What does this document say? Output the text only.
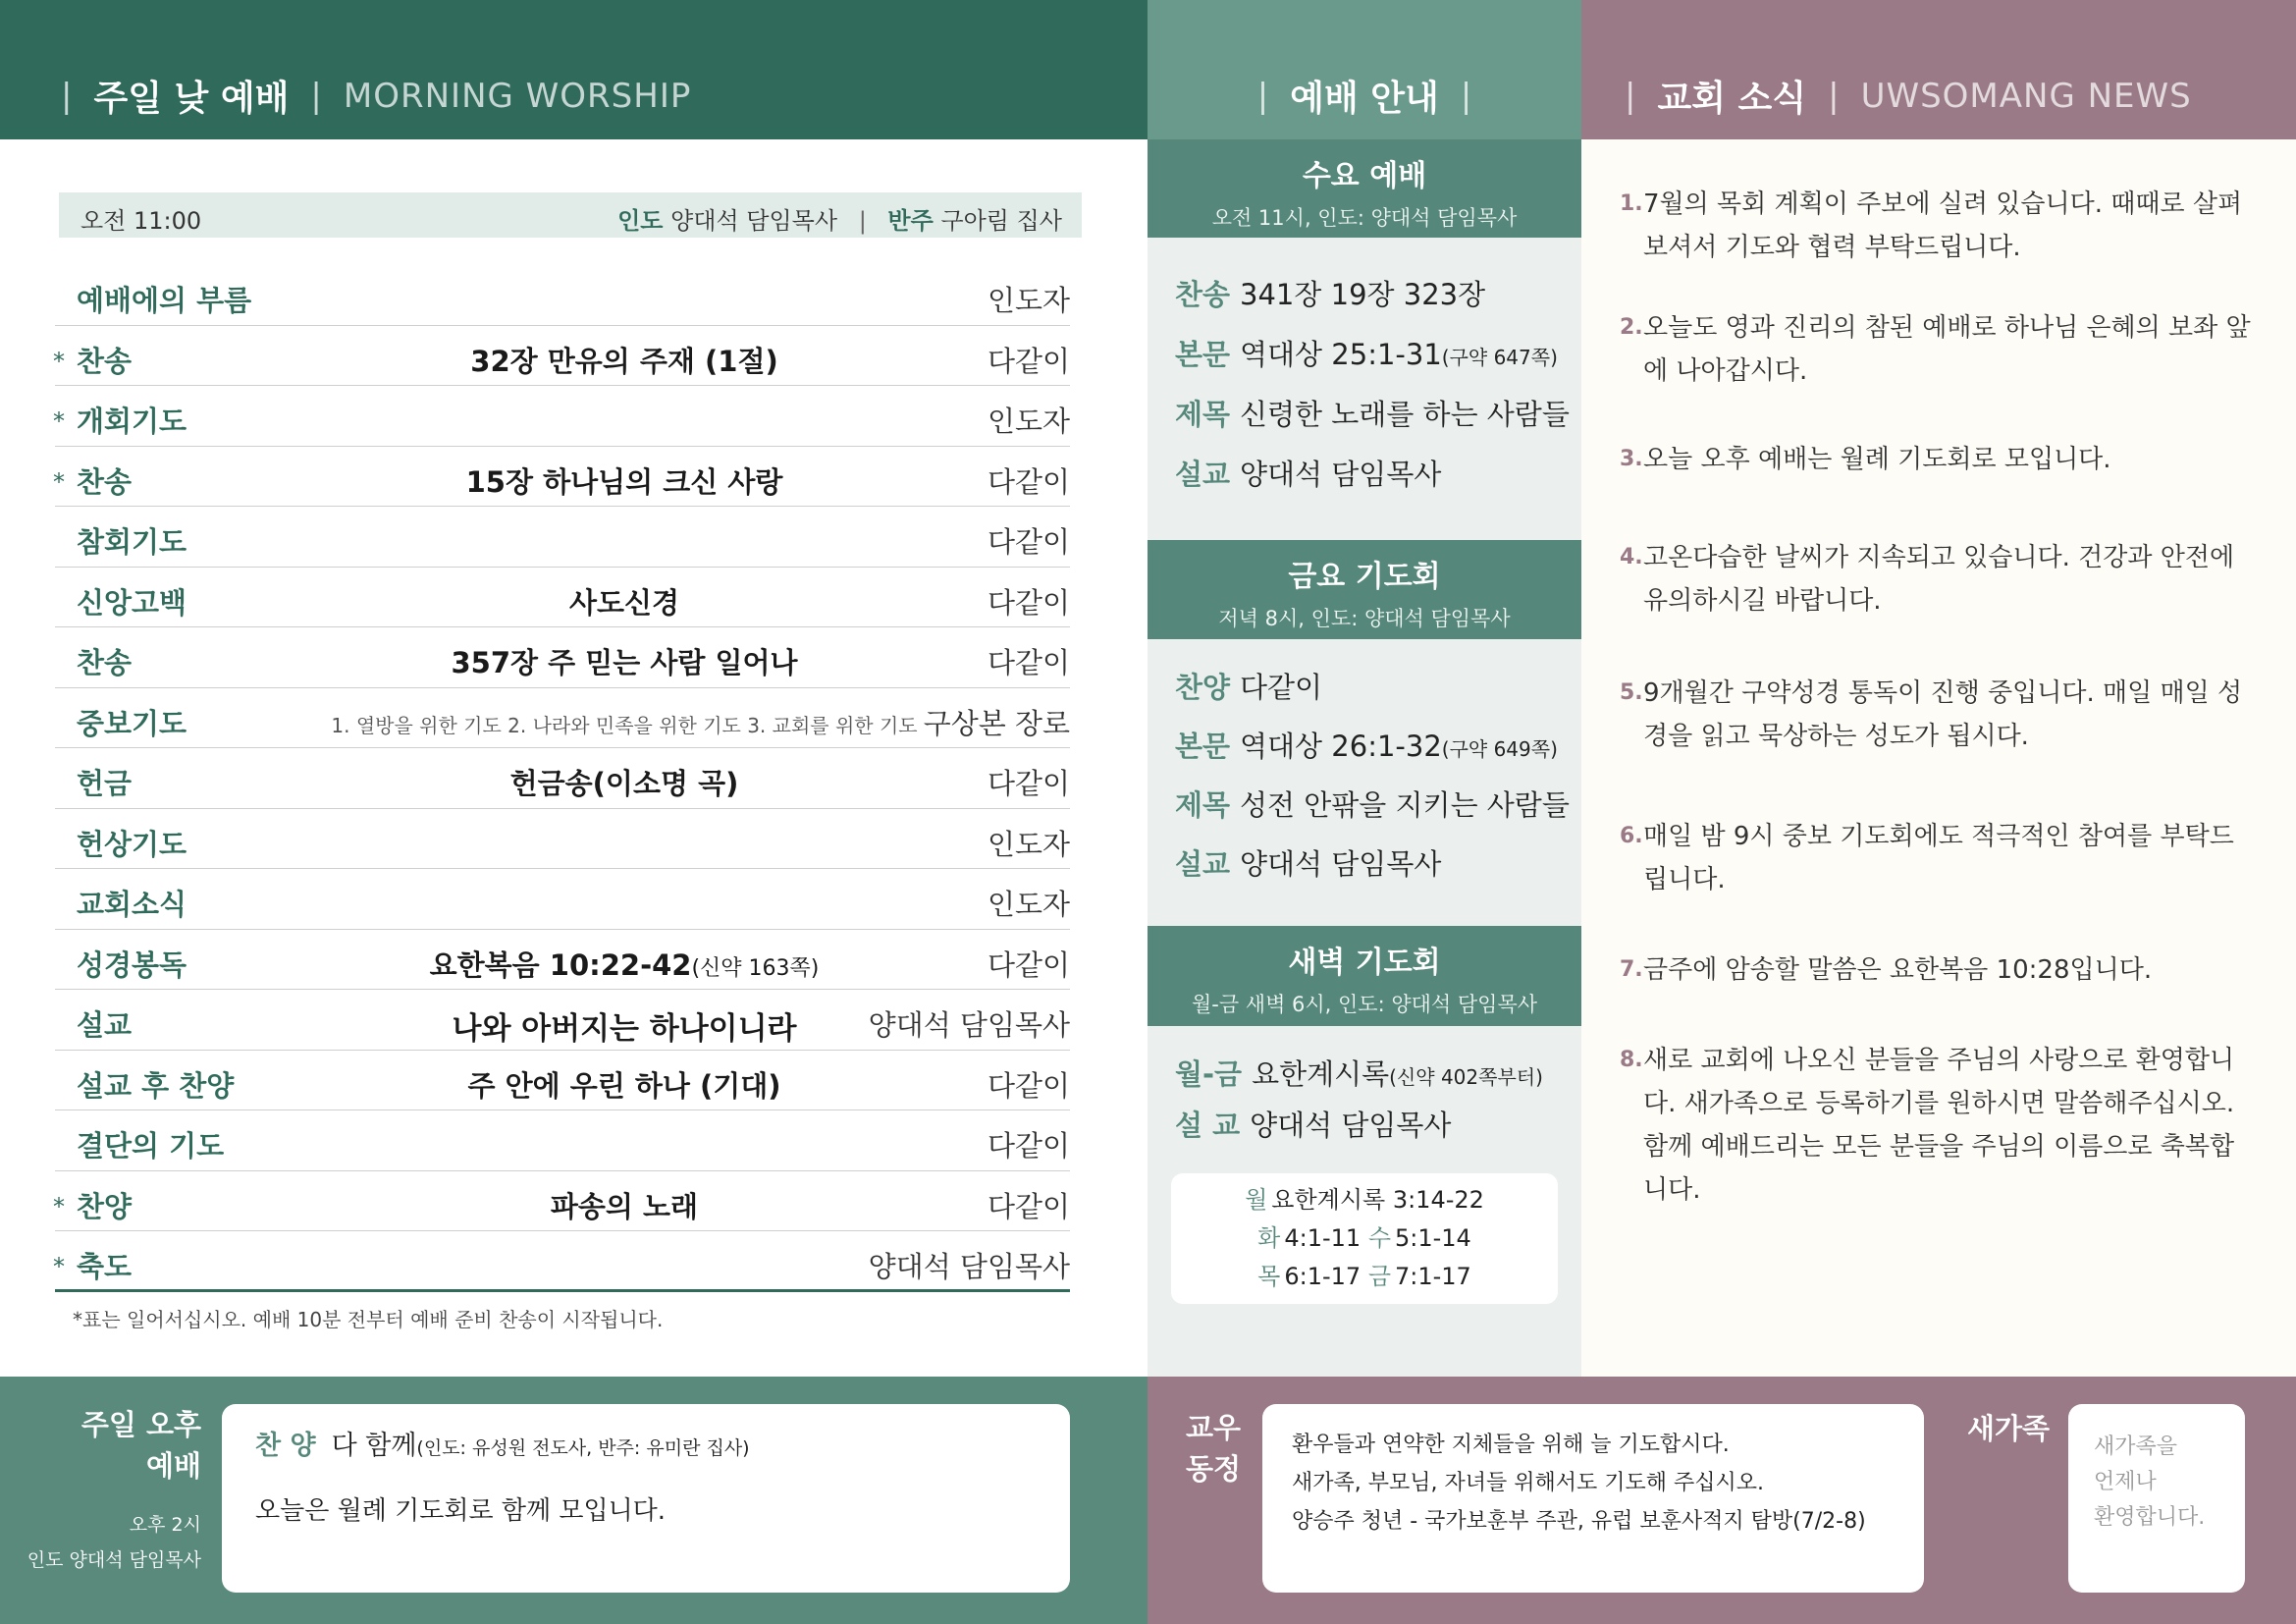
| 주일 낮 예배 | MORNING WORSHIP	| 예배 안내 |	| 교회 소식 | UWSOMANG NEWS
오전 11:00	인도 양대석 담임목사 | 반주 구아림 집사
예배에의 부름	인도자
* 찬송	32장 만유의 주재 (1절)	다같이
* 개회기도	인도자
* 찬송	15장 하나님의 크신 사랑	다같이
참회기도	다같이
신앙고백	사도신경	다같이
찬송	357장 주 믿는 사람 일어나	다같이
중보기도	1. 열방을 위한 기도 2. 나라와 민족을 위한 기도 3. 교회를 위한 기도 구상본 장로
헌금	헌금송(이소명 곡)	다같이
헌상기도	인도자
교회소식	인도자
성경봉독	요한복음 10:22-42(신약 163쪽)	다같이
설교	나와 아버지는 하나이니라	양대석 담임목사
설교 후 찬양	주 안에 우린 하나 (기대)	다같이
결단의 기도	다같이
* 찬양	파송의 노래	다같이
* 축도	양대석 담임목사
*표는 일어서십시오. 예배 10분 전부터 예배 준비 찬송이 시작됩니다.
수요 예배
오전 11시, 인도: 양대석 담임목사
찬송 341장 19장 323장
본문 역대상 25:1-31(구약 647쪽)
제목 신령한 노래를 하는 사람들
설교 양대석 담임목사
금요 기도회
저녁 8시, 인도: 양대석 담임목사
찬양 다같이
본문 역대상 26:1-32(구약 649쪽)
제목 성전 안팎을 지키는 사람들
설교 양대석 담임목사
새벽 기도회
월-금 새벽 6시, 인도: 양대석 담임목사
월-금 요한계시록(신약 402쪽부터)
설 교 양대석 담임목사
월 요한계시록 3:14-22
화 4:1-11 수 5:1-14
목 6:1-17 금 7:1-17
1. 7월의 목회 계획이 주보에 실려 있습니다. 때때로 살펴보셔서 기도와 협력 부탁드립니다.
2. 오늘도 영과 진리의 참된 예배로 하나님 은혜의 보좌 앞에 나아갑시다.
3. 오늘 오후 예배는 월례 기도회로 모입니다.
4. 고온다습한 날씨가 지속되고 있습니다. 건강과 안전에 유의하시길 바랍니다.
5. 9개월간 구약성경 통독이 진행 중입니다. 매일 매일 성경을 읽고 묵상하는 성도가 됩시다.
6. 매일 밤 9시 중보 기도회에도 적극적인 참여를 부탁드립니다.
7. 금주에 암송할 말씀은 요한복음 10:28입니다.
8. 새로 교회에 나오신 분들을 주님의 사랑으로 환영합니다. 새가족으로 등록하기를 원하시면 말씀해주십시오. 함께 예배드리는 모든 분들을 주님의 이름으로 축복합니다.
주일 오후
예배
오후 2시
인도 양대석 담임목사
찬 양 다 함께(인도: 유성원 전도사, 반주: 유미란 집사)
오늘은 월례 기도회로 함께 모입니다.
교우
동정
환우들과 연약한 지체들을 위해 늘 기도합시다.
새가족, 부모님, 자녀들 위해서도 기도해 주십시오.
양승주 청년 - 국가보훈부 주관, 유럽 보훈사적지 탐방(7/2-8)
새가족
새가족을
언제나
환영합니다.
